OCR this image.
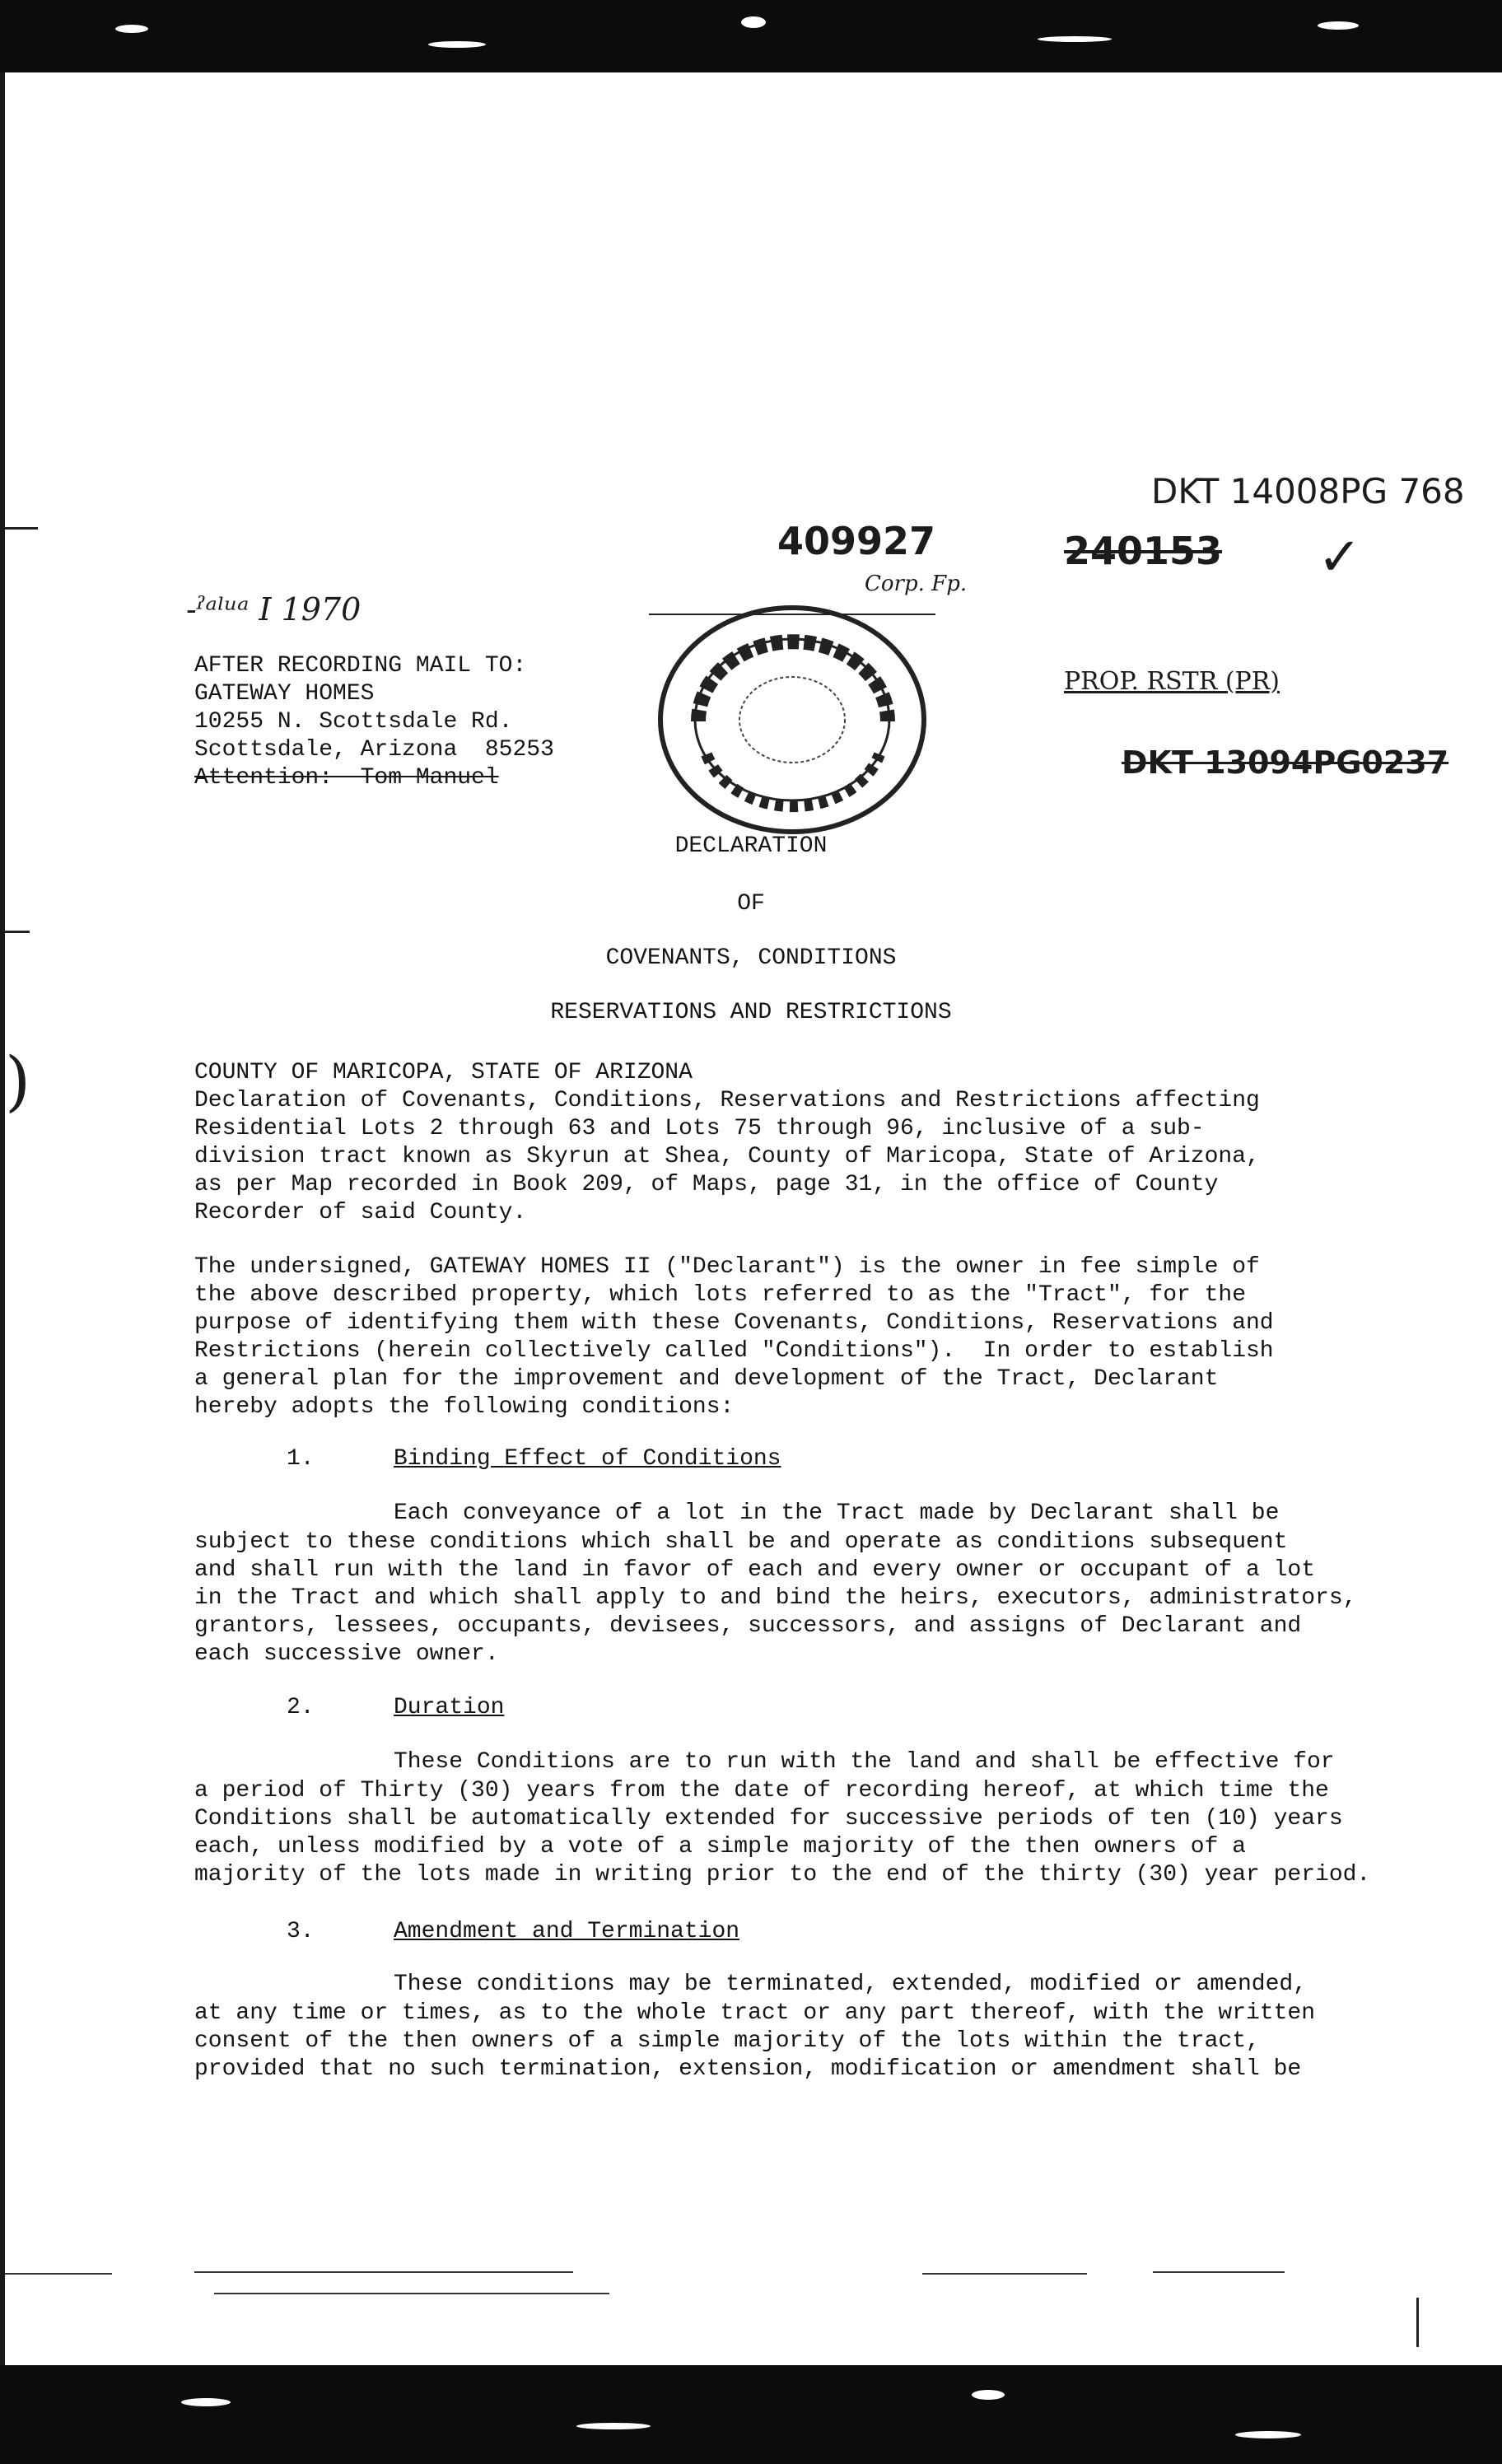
DKT 14008PG 768
409927	240153 ✓
Corp. Fp.
PROP. RSTR (PR)
DKT 13094PG0237
-ˀᵃˡᵘᵃ I 1970
)
AFTER RECORDING MAIL TO:
GATEWAY HOMES
10255 N. Scottsdale Rd.
Scottsdale, Arizona  85253
Attention:  Tom Manuel
DECLARATION
OF
COVENANTS, CONDITIONS
RESERVATIONS AND RESTRICTIONS
COUNTY OF MARICOPA, STATE OF ARIZONA
Declaration of Covenants, Conditions, Reservations and Restrictions affecting
Residential Lots 2 through 63 and Lots 75 through 96, inclusive of a sub-
division tract known as Skyrun at Shea, County of Maricopa, State of Arizona,
as per Map recorded in Book 209, of Maps, page 31, in the office of County
Recorder of said County.
The undersigned, GATEWAY HOMES II ("Declarant") is the owner in fee simple of
the above described property, which lots referred to as the "Tract", for the
purpose of identifying them with these Covenants, Conditions, Reservations and
Restrictions (herein collectively called "Conditions").  In order to establish
a general plan for the improvement and development of the Tract, Declarant
hereby adopts the following conditions:
1.	Binding Effect of Conditions
Each conveyance of a lot in the Tract made by Declarant shall be
subject to these conditions which shall be and operate as conditions subsequent
and shall run with the land in favor of each and every owner or occupant of a lot
in the Tract and which shall apply to and bind the heirs, executors, administrators,
grantors, lessees, occupants, devisees, successors, and assigns of Declarant and
each successive owner.
2.	Duration
These Conditions are to run with the land and shall be effective for
a period of Thirty (30) years from the date of recording hereof, at which time the
Conditions shall be automatically extended for successive periods of ten (10) years
each, unless modified by a vote of a simple majority of the then owners of a
majority of the lots made in writing prior to the end of the thirty (30) year period.
3.	Amendment and Termination
These conditions may be terminated, extended, modified or amended,
at any time or times, as to the whole tract or any part thereof, with the written
consent of the then owners of a simple majority of the lots within the tract,
provided that no such termination, extension, modification or amendment shall be
